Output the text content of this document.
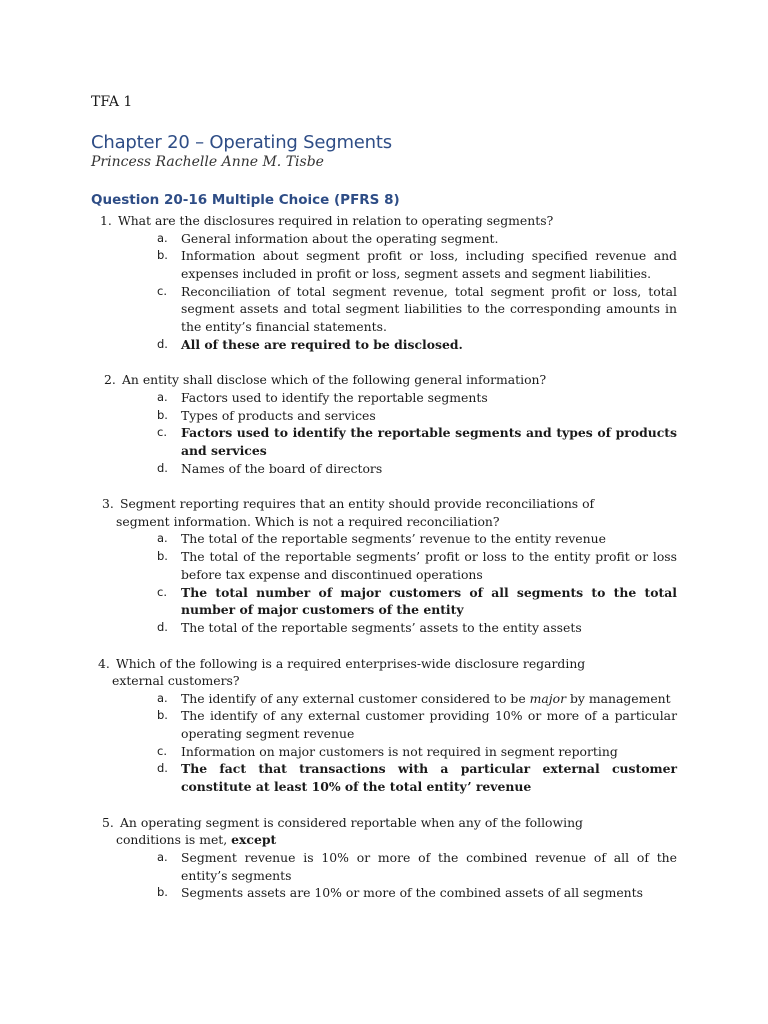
TFA 1
Chapter 20 – Operating Segments
Princess Rachelle Anne M. Tisbe
Question 20-16 Multiple Choice (PFRS 8)

1. What are the disclosures required in relation to operating segments?

a. General information about the operating segment.
b. Information about segment profit or loss, including specified revenue and expenses included in profit or loss, segment assets and segment liabilities.
c. Reconciliation of total segment revenue, total segment profit or loss, total segment assets and total segment liabilities to the corresponding amounts in the entity’s financial statements.
d. All of these are required to be disclosed.

2. An entity shall disclose which of the following general information?

a. Factors used to identify the reportable segments
b. Types of products and services
c. Factors used to identify the reportable segments and types of products and services
d. Names of the board of directors

3. Segment reporting requires that an entity should provide reconciliations of

segment information. Which is not a required reconciliation?

a. The total of the reportable segments’ revenue to the entity revenue
b. The total of the reportable segments’ profit or loss to the entity profit or loss before tax expense and discontinued operations
c. The total number of major customers of all segments to the total number of major customers of the entity
d. The total of the reportable segments’ assets to the entity assets

4. Which of the following is a required enterprises-wide disclosure regarding

external customers?

a. The identify of any external customer considered to be major by management
b. The identify of any external customer providing 10% or more of a particular operating segment revenue
c. Information on major customers is not required in segment reporting
d. The fact that transactions with a particular external customer constitute at least 10% of the total entity’ revenue

5. An operating segment is considered reportable when any of the following

conditions is met, except

a. Segment revenue is 10% or more of the combined revenue of all of the entity’s segments
b. Segments assets are 10% or more of the combined assets of all segments
